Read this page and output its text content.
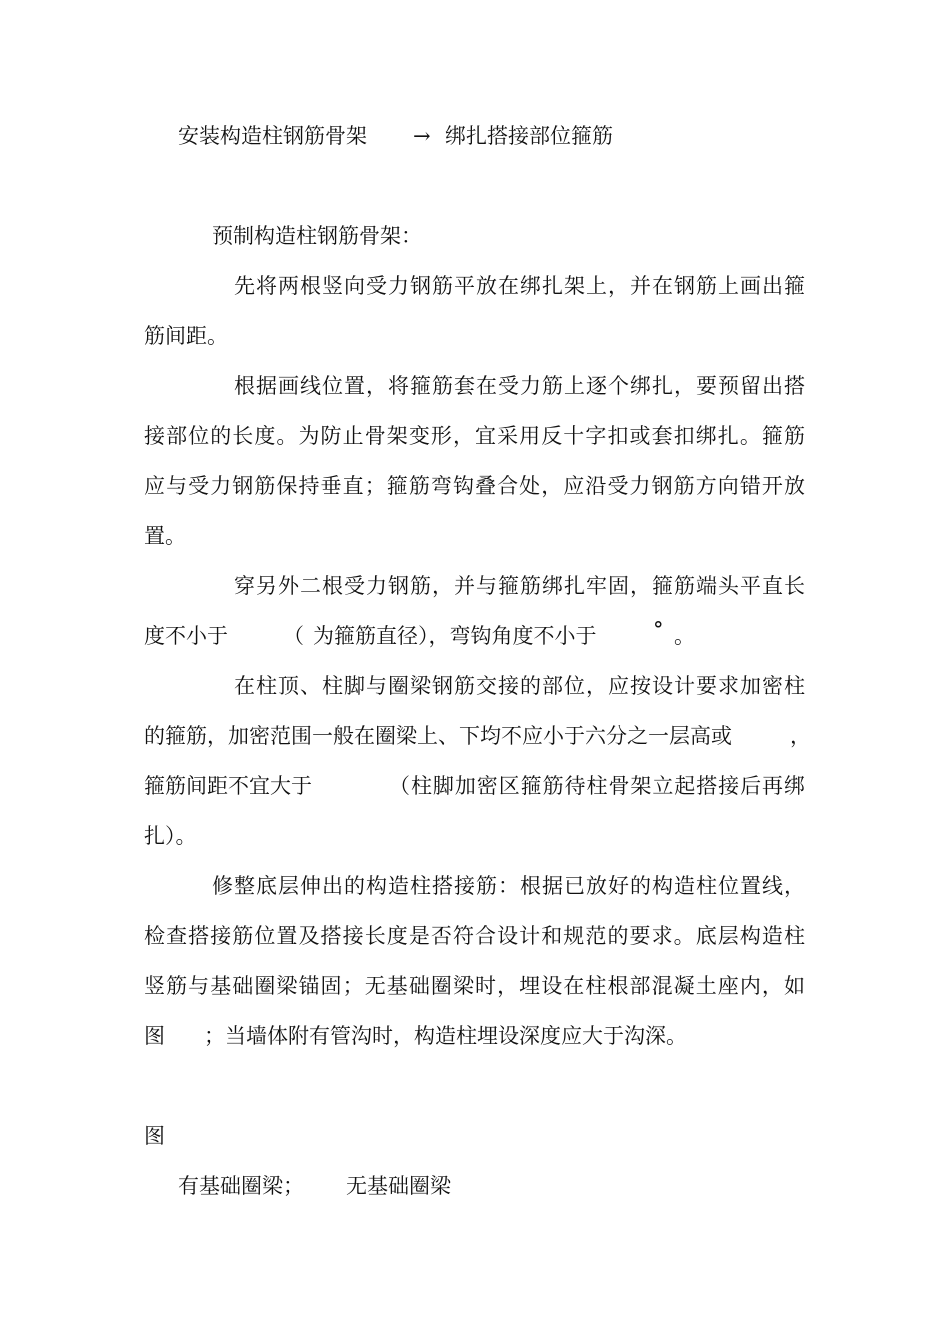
安装构造柱钢筋骨架 → 绑扎搭接部位箍筋
预制构造柱钢筋骨架：
先将两根竖向受力钢筋平放在绑扎架上，并在钢筋上画出箍
筋间距。
根据画线位置，将箍筋套在受力筋上逐个绑扎，要预留出搭
接部位的长度。为防止骨架变形，宜采用反十字扣或套扣绑扎。箍筋
应与受力钢筋保持垂直；箍筋弯钩叠合处，应沿受力钢筋方向错开放
置。
穿另外二根受力钢筋，并与箍筋绑扎牢固，箍筋端头平直长
度不小于	（ 为箍筋直径），弯钩角度不小于	° 。
在柱顶、柱脚与圈梁钢筋交接的部位，应按设计要求加密柱
的箍筋，加密范围一般在圈梁上、下均不应小于六分之一层高或	，
箍筋间距不宜大于	（柱脚加密区箍筋待柱骨架立起搭接后再绑
扎）。
修整底层伸出的构造柱搭接筋：根据已放好的构造柱位置线，
检查搭接筋位置及搭接长度是否符合设计和规范的要求。底层构造柱
竖筋与基础圈梁锚固；无基础圈梁时，埋设在柱根部混凝土座内，如
图 ；当墙体附有管沟时，构造柱埋设深度应大于沟深。
图
有基础圈梁； 无基础圈梁
